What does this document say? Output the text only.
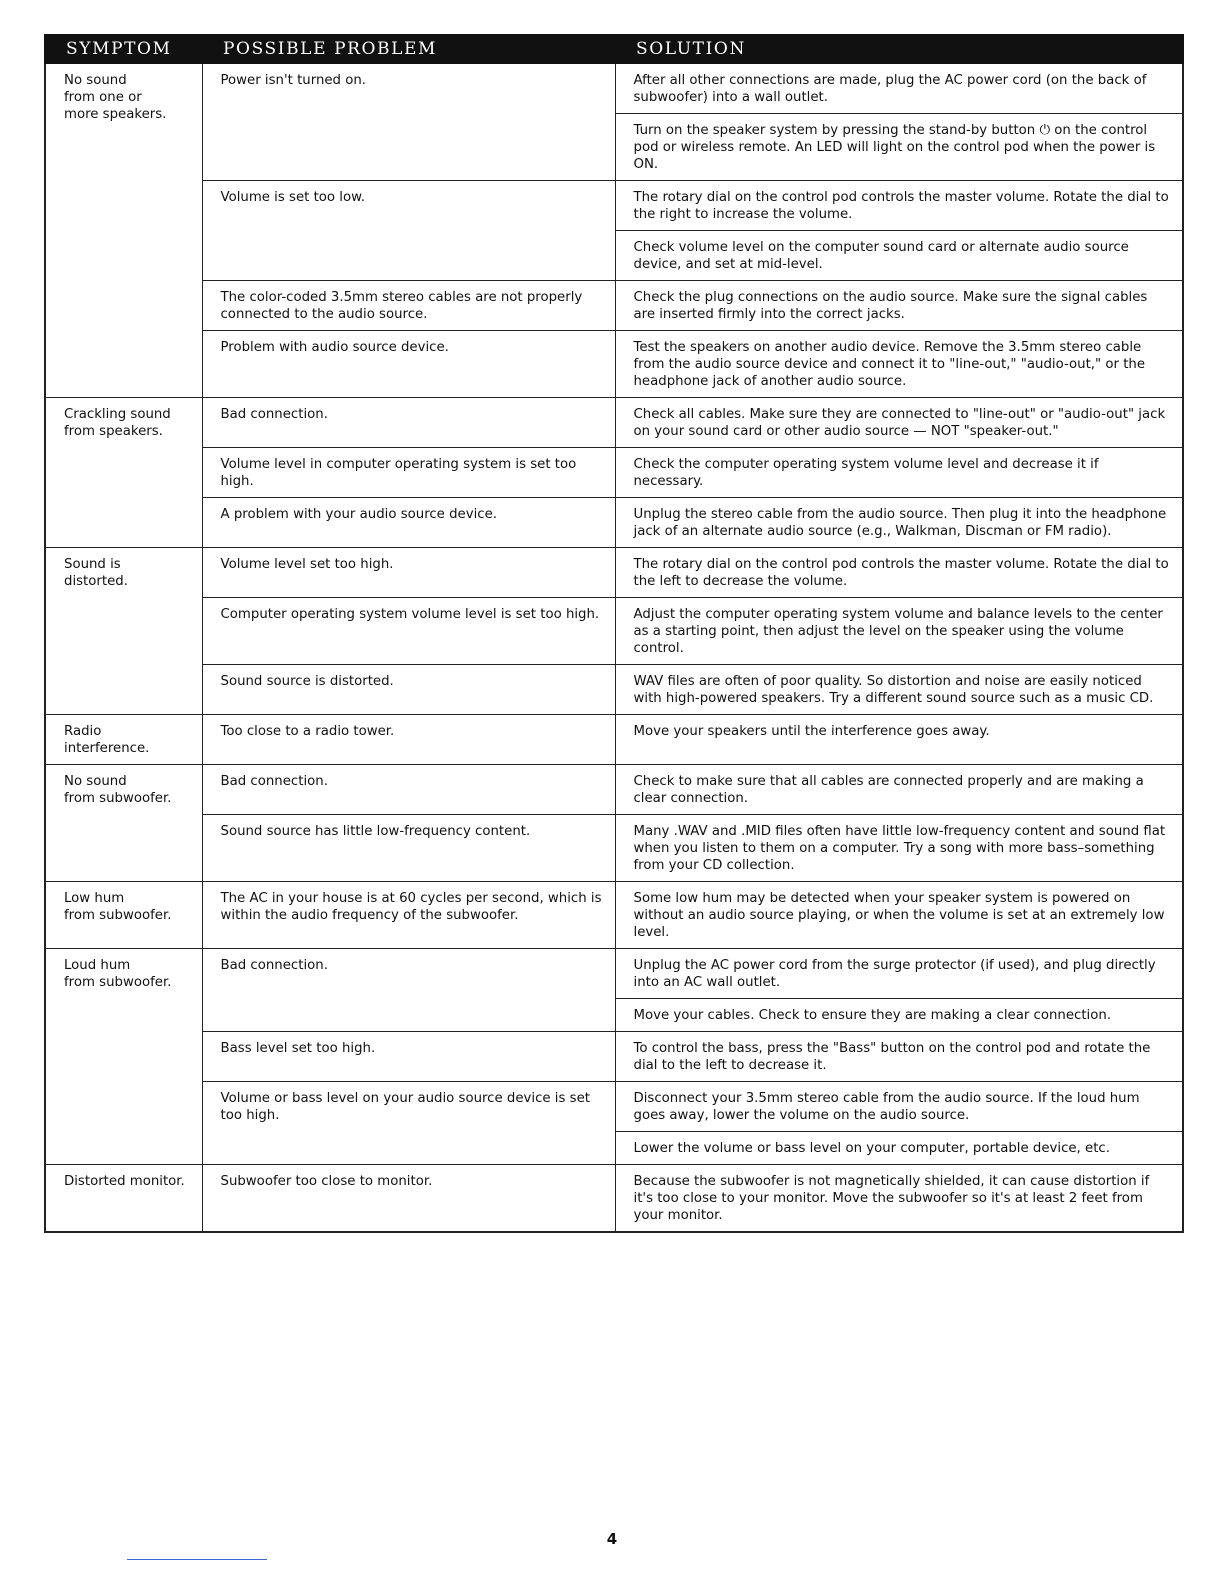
SYMPTOM	POSSIBLE PROBLEM	SOLUTION
No sound
from one or
more speakers.	Power isn't turned on.	After all other connections are made, plug the AC power cord (on the back of subwoofer) into a wall outlet.
		Turn on the speaker system by pressing the stand-by button ⏻ on the control pod or wireless remote. An LED will light on the control pod when the power is ON.
	Volume is set too low.	The rotary dial on the control pod controls the master volume. Rotate the dial to the right to increase the volume.
		Check volume level on the computer sound card or alternate audio source device, and set at mid-level.
	The color-coded 3.5mm stereo cables are not properly connected to the audio source.	Check the plug connections on the audio source. Make sure the signal cables are inserted firmly into the correct jacks.
	Problem with audio source device.	Test the speakers on another audio device. Remove the 3.5mm stereo cable from the audio source device and connect it to "line-out," "audio-out," or the headphone jack of another audio source.
Crackling sound
from speakers.	Bad connection.	Check all cables. Make sure they are connected to "line-out" or "audio-out" jack on your sound card or other audio source — NOT "speaker-out."
	Volume level in computer operating system is set too high.	Check the computer operating system volume level and decrease it if necessary.
	A problem with your audio source device.	Unplug the stereo cable from the audio source. Then plug it into the headphone jack of an alternate audio source (e.g., Walkman, Discman or FM radio).
Sound is
distorted.	Volume level set too high.	The rotary dial on the control pod controls the master volume. Rotate the dial to the left to decrease the volume.
	Computer operating system volume level is set too high.	Adjust the computer operating system volume and balance levels to the center as a starting point, then adjust the level on the speaker using the volume control.
	Sound source is distorted.	WAV files are often of poor quality. So distortion and noise are easily noticed with high-powered speakers. Try a different sound source such as a music CD.
Radio
interference.	Too close to a radio tower.	Move your speakers until the interference goes away.
No sound
from subwoofer.	Bad connection.	Check to make sure that all cables are connected properly and are making a clear connection.
	Sound source has little low-frequency content.	Many .WAV and .MID files often have little low-frequency content and sound flat when you listen to them on a computer. Try a song with more bass–something from your CD collection.
Low hum
from subwoofer.	The AC in your house is at 60 cycles per second, which is within the audio frequency of the subwoofer.	Some low hum may be detected when your speaker system is powered on without an audio source playing, or when the volume is set at an extremely low level.
Loud hum
from subwoofer.	Bad connection.	Unplug the AC power cord from the surge protector (if used), and plug directly into an AC wall outlet.
		Move your cables. Check to ensure they are making a clear connection.
	Bass level set too high.	To control the bass, press the "Bass" button on the control pod and rotate the dial to the left to decrease it.
	Volume or bass level on your audio source device is set too high.	Disconnect your 3.5mm stereo cable from the audio source. If the loud hum goes away, lower the volume on the audio source.
		Lower the volume or bass level on your computer, portable device, etc.
Distorted monitor.	Subwoofer too close to monitor.	Because the subwoofer is not magnetically shielded, it can cause distortion if it's too close to your monitor. Move the subwoofer so it's at least 2 feet from your monitor.
4
